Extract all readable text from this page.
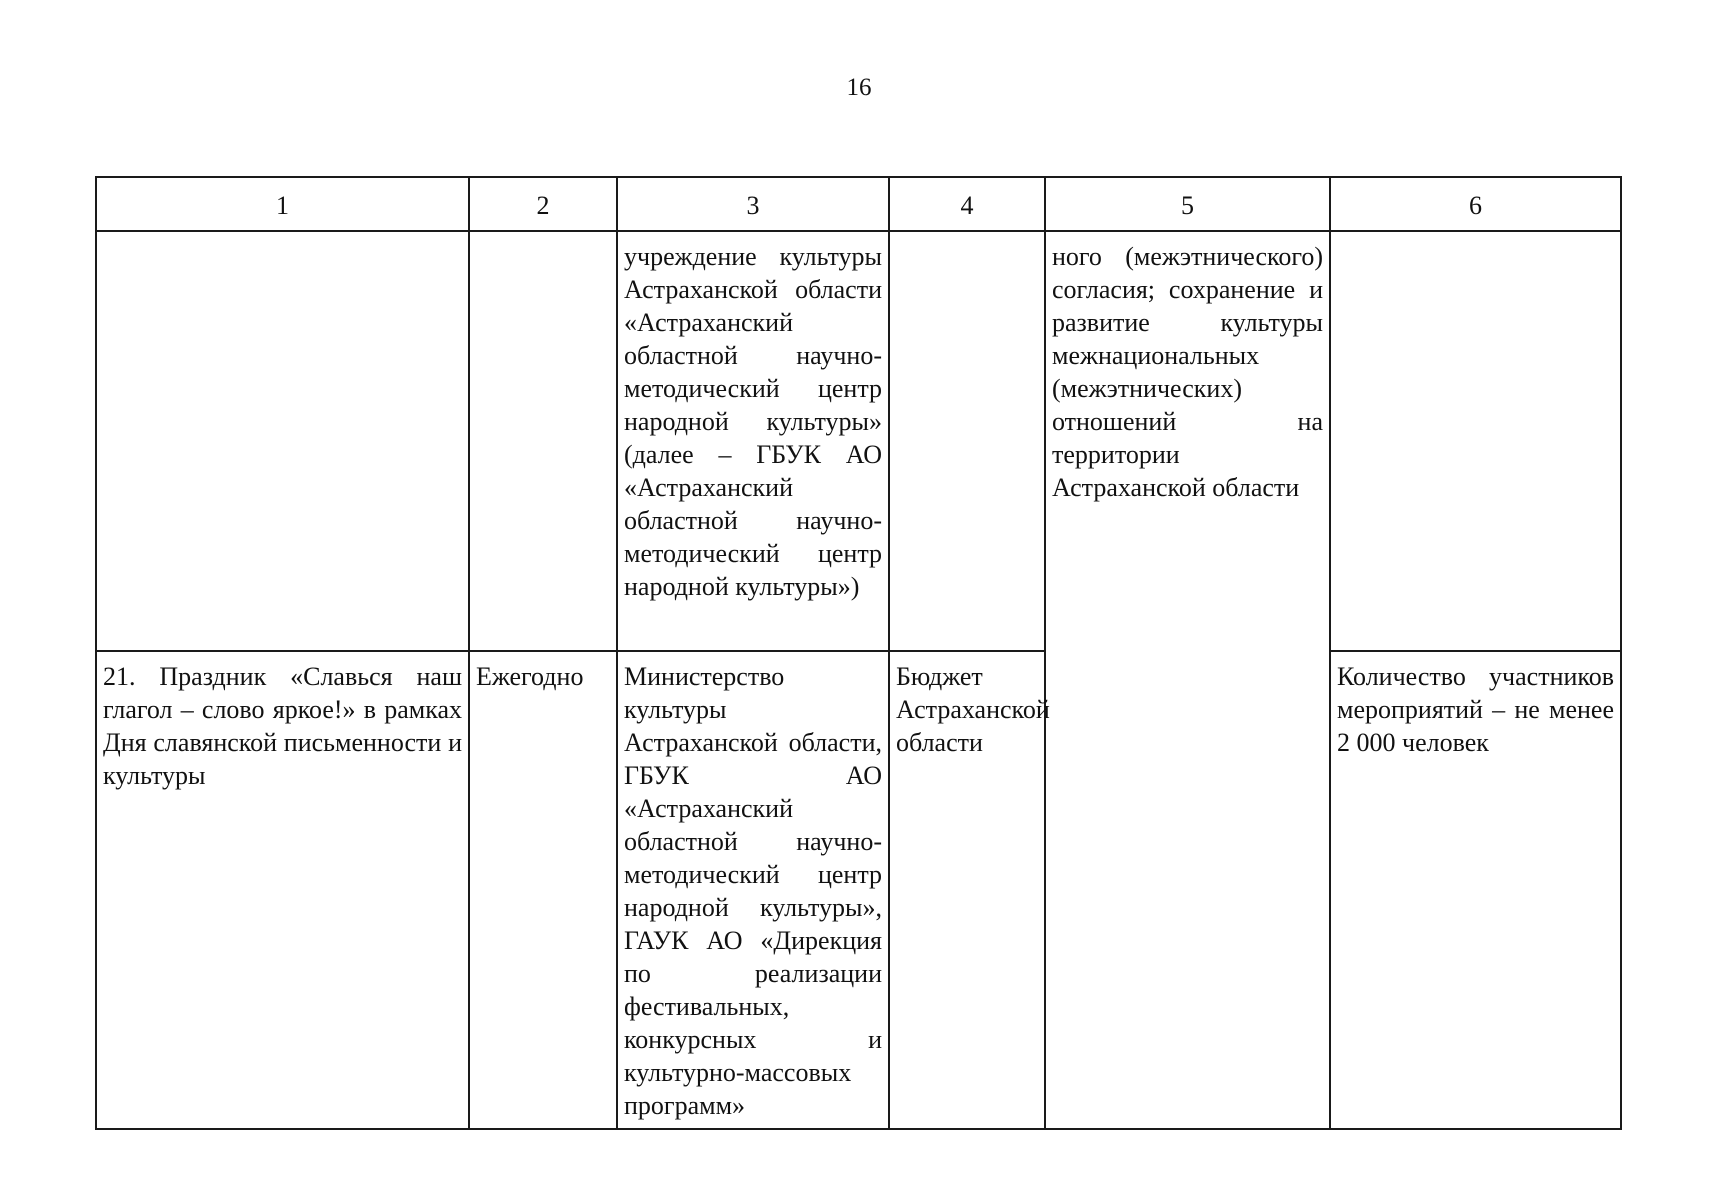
16
1	2	3	4	5	6
		учреждение культуры Астраханской области «Астраханский областной научно-методический центр народной культуры» (далее – ГБУК АО «Астраханский областной научно-методический центр народной культуры»)		ного (межэтнического) согласия; сохранение и развитие культуры межнациональных (межэтнических) отношений на территории Астраханской области	
21. Праздник «Славься наш глагол – слово яркое!» в рамках Дня славянской письменности и культуры	Ежегодно	Министерство культуры Астраханской области, ГБУК АО «Астраханский областной научно-методический центр народной культуры», ГАУК АО «Дирекция по реализации фестивальных, конкурсных и культурно-массовых программ»	Бюджет Астраханской области		Количество участников мероприятий – не менее 2 000 человек
